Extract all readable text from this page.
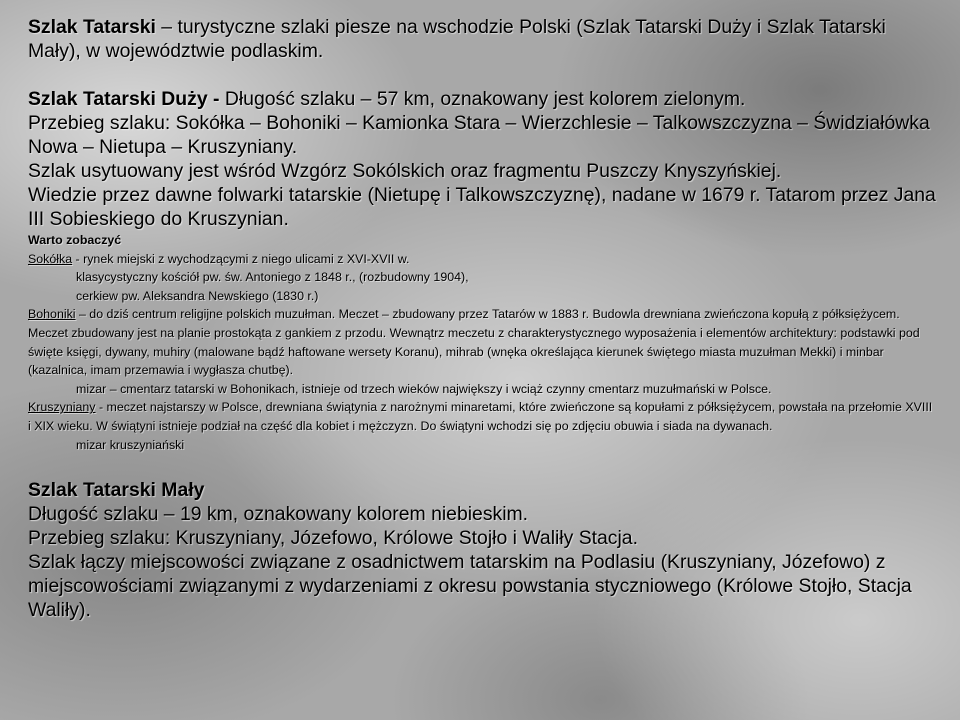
Szlak Tatarski – turystyczne szlaki piesze na wschodzie Polski (Szlak Tatarski Duży i Szlak Tatarski Mały), w województwie podlaskim.

Szlak Tatarski Duży - Długość szlaku – 57 km, oznakowany jest kolorem zielonym.

Przebieg szlaku: Sokółka – Bohoniki – Kamionka Stara – Wierzchlesie – Talkowszczyzna – Świdziałówka Nowa – Nietupa – Kruszyniany.

Szlak usytuowany jest wśród Wzgórz Sokólskich oraz fragmentu Puszczy Knyszyńskiej.

Wiedzie przez dawne folwarki tatarskie (Nietupę i Talkowszczyznę), nadane w 1679 r. Tatarom przez Jana III Sobieskiego do Kruszynian.

Warto zobaczyć

Sokółka - rynek miejski z wychodzącymi z niego ulicami z XVI-XVII w.

klasycystyczny kościół pw. św. Antoniego z 1848 r., (rozbudowny 1904),

cerkiew pw. Aleksandra Newskiego (1830 r.)

Bohoniki – do dziś centrum religijne polskich muzułman. Meczet – zbudowany przez Tatarów w 1883 r. Budowla drewniana zwieńczona kopułą z półksiężycem. Meczet zbudowany jest na planie prostokąta z gankiem z przodu. Wewnątrz meczetu z charakterystycznego wyposażenia i elementów architektury: podstawki pod święte księgi, dywany, muhiry (malowane bądź haftowane wersety Koranu), mihrab (wnęka określająca kierunek świętego miasta muzułman Mekki) i minbar (kazalnica, imam przemawia i wygłasza chutbę).

mizar – cmentarz tatarski w Bohonikach, istnieje od trzech wieków największy i wciąż czynny cmentarz muzułmański w Polsce.

Kruszyniany - meczet najstarszy w Polsce, drewniana świątynia z narożnymi minaretami, które zwieńczone są kopułami z półksiężycem, powstała na przełomie XVIII i XIX wieku. W świątyni istnieje podział na część dla kobiet i mężczyzn. Do świątyni wchodzi się po zdjęciu obuwia i siada na dywanach.

mizar kruszyniański

Szlak Tatarski Mały

Długość szlaku – 19 km, oznakowany kolorem niebieskim.

Przebieg szlaku: Kruszyniany, Józefowo, Królowe Stojło i Waliły Stacja.

Szlak łączy miejscowości związane z osadnictwem tatarskim na Podlasiu (Kruszyniany, Józefowo) z miejscowościami związanymi z wydarzeniami z okresu powstania styczniowego (Królowe Stojło, Stacja Waliły).
